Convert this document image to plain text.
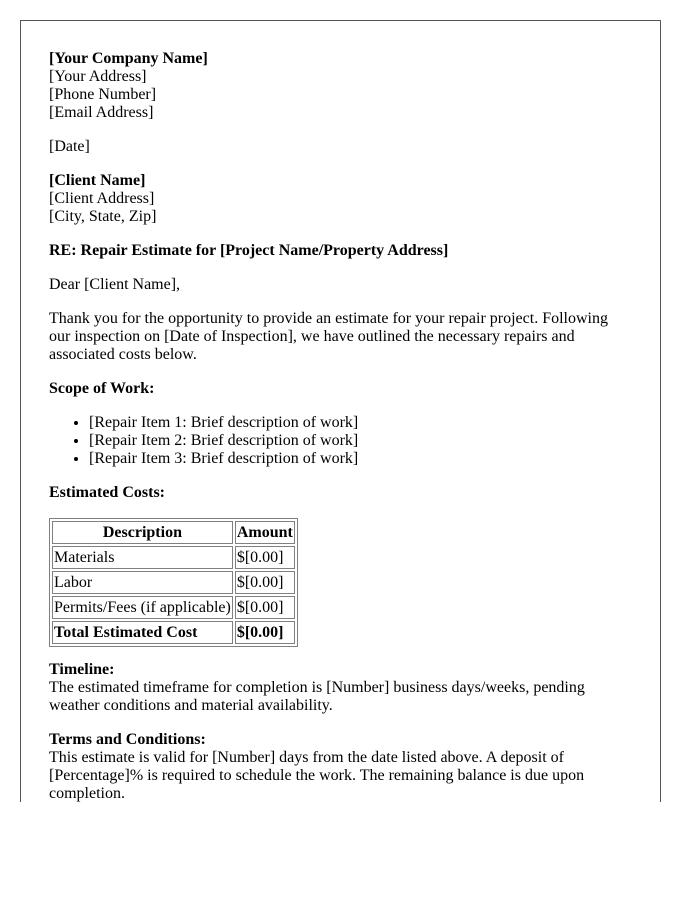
[Your Company Name]

[Your Address]

[Phone Number]

[Email Address]

[Date]

[Client Name]

[Client Address]

[City, State, Zip]

RE: Repair Estimate for [Project Name/Property Address]

Dear [Client Name],

Thank you for the opportunity to provide an estimate for your repair project. Following our inspection on [Date of Inspection], we have outlined the necessary repairs and associated costs below.

Scope of Work:

• [Repair Item 1: Brief description of work]
• [Repair Item 2: Brief description of work]
• [Repair Item 3: Brief description of work]

Estimated Costs:

Description	Amount
Materials	$[0.00]
Labor	$[0.00]
Permits/Fees (if applicable)	$[0.00]
Total Estimated Cost	$[0.00]

Timeline:

The estimated timeframe for completion is [Number] business days/weeks, pending weather conditions and material availability.

Terms and Conditions:

This estimate is valid for [Number] days from the date listed above. A deposit of [Percentage]% is required to schedule the work. The remaining balance is due upon completion.
